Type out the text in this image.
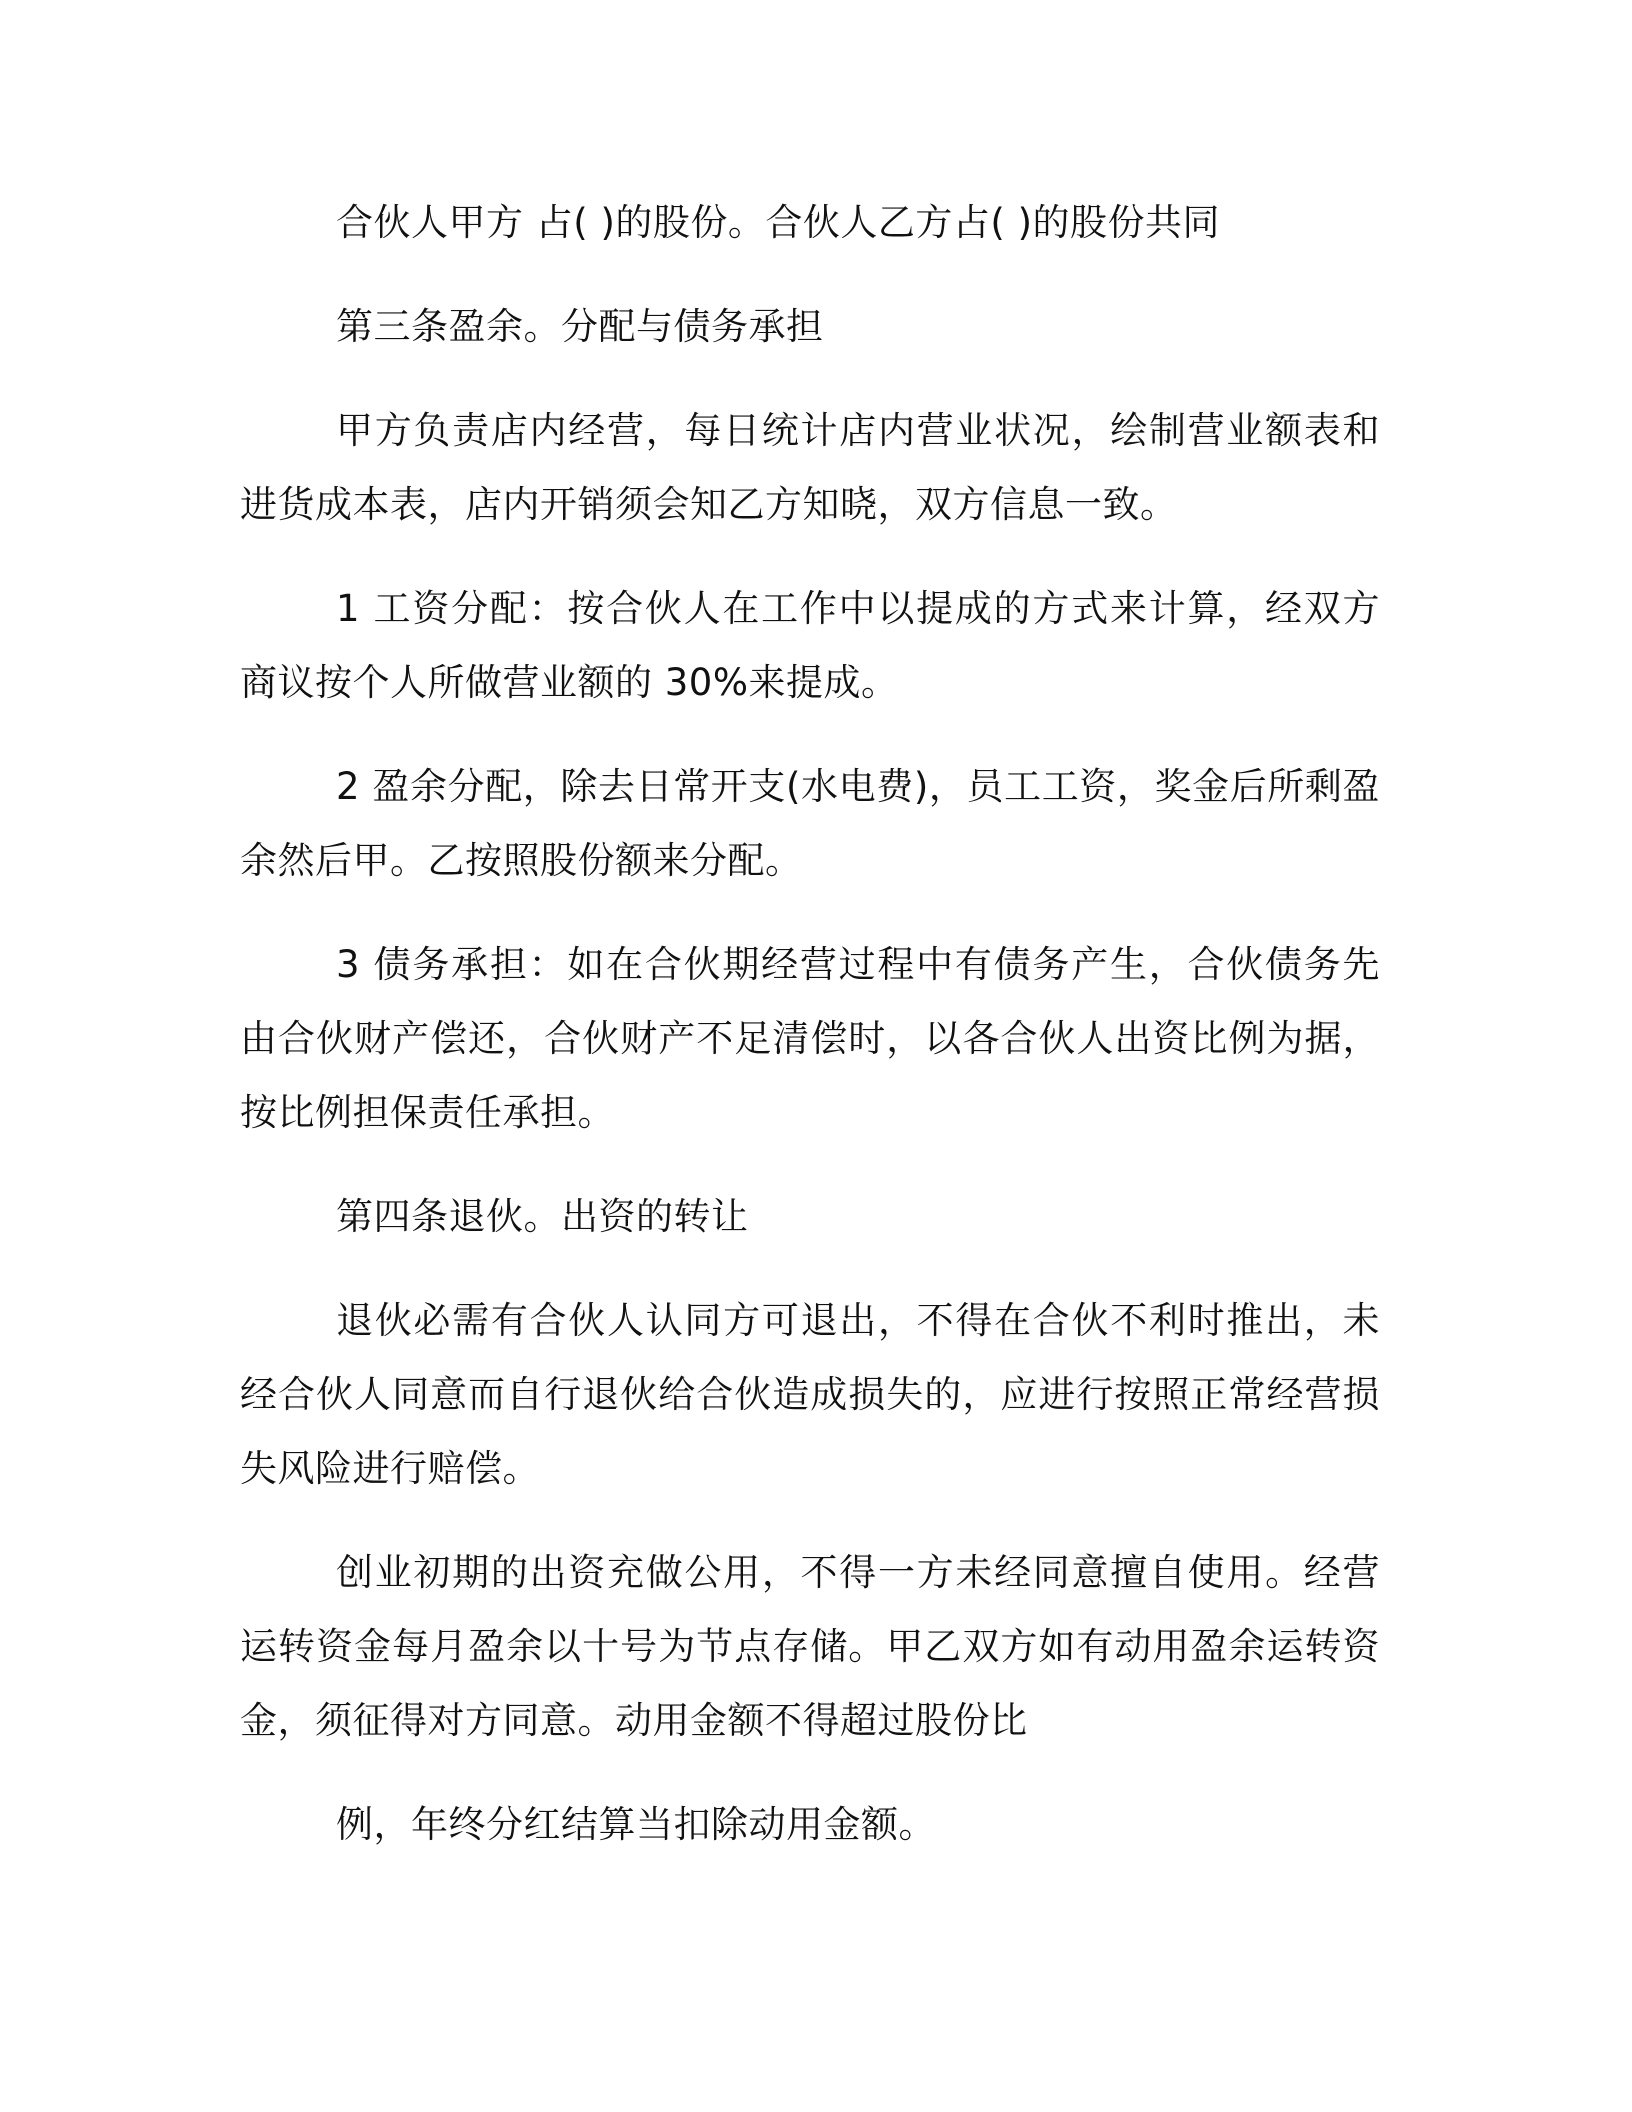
合伙人甲方 占( )的股份。合伙人乙方占( )的股份共同

第三条盈余。分配与债务承担

甲方负责店内经营，每日统计店内营业状况，绘制营业额表和进货成本表，店内开销须会知乙方知晓，双方信息一致。

1 工资分配：按合伙人在工作中以提成的方式来计算，经双方商议按个人所做营业额的 30%来提成。

2 盈余分配，除去日常开支(水电费)，员工工资，奖金后所剩盈余然后甲。乙按照股份额来分配。

3 债务承担：如在合伙期经营过程中有债务产生，合伙债务先由合伙财产偿还，合伙财产不足清偿时，以各合伙人出资比例为据，按比例担保责任承担。

第四条退伙。出资的转让

退伙必需有合伙人认同方可退出，不得在合伙不利时推出，未经合伙人同意而自行退伙给合伙造成损失的，应进行按照正常经营损失风险进行赔偿。

创业初期的出资充做公用，不得一方未经同意擅自使用。经营运转资金每月盈余以十号为节点存储。甲乙双方如有动用盈余运转资金，须征得对方同意。动用金额不得超过股份比

例，年终分红结算当扣除动用金额。
